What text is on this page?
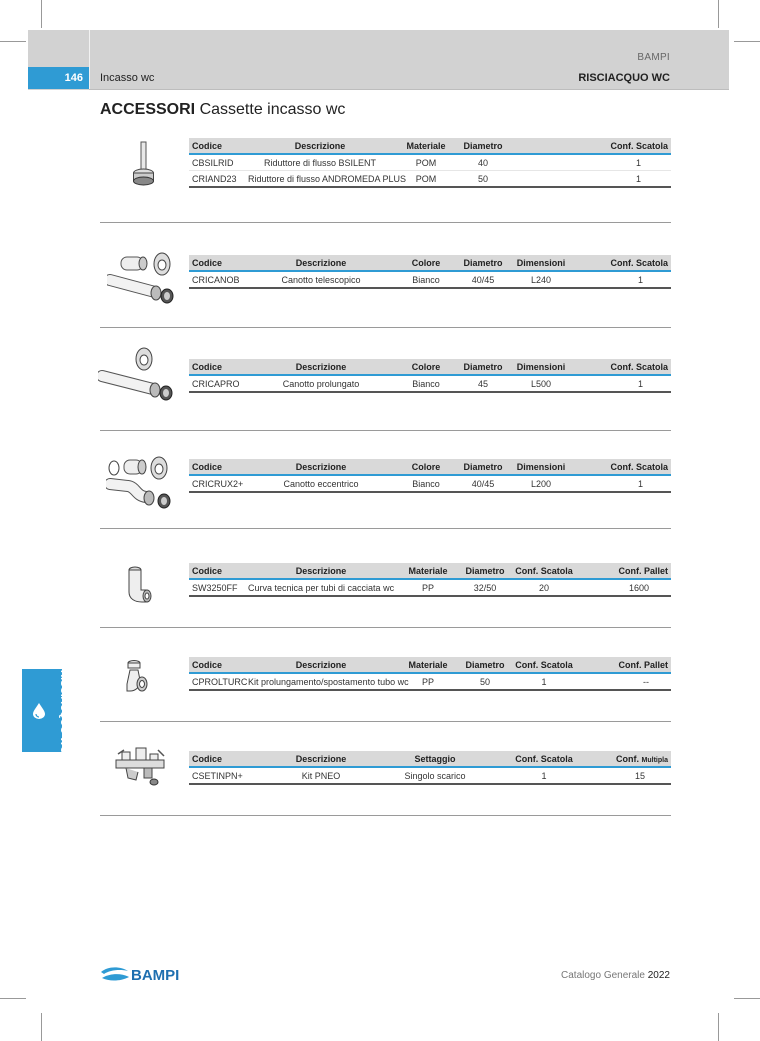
BAMPI
146	Incasso wc	RISCIACQUO WC
ACCESSORI Cassette incasso wc
RISCIACQUO WC
Codice	Descrizione	Materiale	Diametro		Conf. Scatola
CBSILRID	Riduttore di flusso BSILENT	POM	40		1
CRIAND23	Riduttore di flusso ANDROMEDA PLUS	POM	50		1
Codice	Descrizione	Colore	Diametro	Dimensioni	Conf. Scatola
CRICANOB	Canotto telescopico	Bianco	40/45	L240	1
Codice	Descrizione	Colore	Diametro	Dimensioni	Conf. Scatola
CRICAPRO	Canotto prolungato	Bianco	45	L500	1
Codice	Descrizione	Colore	Diametro	Dimensioni	Conf. Scatola
CRICRUX2+	Canotto eccentrico	Bianco	40/45	L200	1
Codice	Descrizione	Materiale	Diametro	Conf. Scatola	Conf. Pallet
SW3250FF	Curva tecnica per tubi di cacciata wc	PP	32/50	20	1600
Codice	Descrizione	Materiale	Diametro	Conf. Scatola	Conf. Pallet
CPROLTURC	Kit prolungamento/spostamento tubo wc	PP	50	1	--
Codice	Descrizione	Settaggio		Conf. Scatola	Conf. Multipla
CSETINPN+	Kit PNEO	Singolo scarico		1	15
BAMPI	Catalogo Generale 2022
